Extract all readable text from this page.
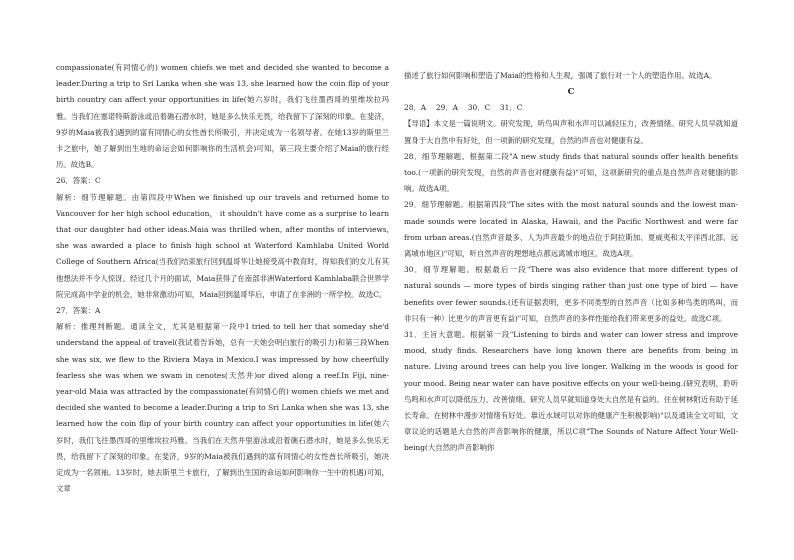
compassionate(有同情心的) women chiefs we met and decided she wanted to become a leader.During a trip to Sri Lanka when she was 13, she learned how the coin flip of your birth country can affect your opportunities in life(她六岁时，我们飞往墨西哥的里维埃拉玛雅。当我们在塞诺特斯游泳或沿着礁石潜水时，她是多么快乐无畏，给我留下了深刻的印象。在斐济，9岁的Maia被我们遇到的富有同情心的女性酋长所吸引，并决定成为一名领导者。在她13岁的斯里兰卡之旅中，她了解到出生地的命运会如何影响你的生活机会)可知，第三段主要介绍了Maia的旅行经历。故选B。

26．答案：C

解析：细节理解题。由第四段中When we finished up our travels and returned home to Vancouver for her high school education， it shouldn't have come as a surprise to learn that our daughter had other ideas.Maia was thrilled when, after months of interviews, she was awarded a place to finish high school at Waterford Kamhlaba United World College of Southern Africa(当我们结束旅行回到温哥华让她接受高中教育时，得知我们的女儿有其他想法并不令人惊讶。经过几个月的面试，Maia获得了在南部非洲Waterford Kamhlaba联合世界学院完成高中学业的机会，她非常激动)可知，Maia回到温哥华后，申请了在非洲的一所学校。故选C。

27．答案：A

解析：推理判断题。通读全文，尤其是根据第一段中I tried to tell her that someday she'd understand the appeal of travel(我试着告诉她，总有一天她会明白旅行的吸引力)和第三段When she was six, we flew to the Riviera Maya in Mexico.I was impressed by how cheerfully fearless she was when we swam in cenotes(天然井)or dived along a reef.In Fiji, nine-year-old Maia was attracted by the compassionate(有同情心的) women chiefs we met and decided she wanted to become a leader.During a trip to Sri Lanka when she was 13, she learned how the coin flip of your birth country can affect your opportunities in life(她六岁时，我们飞往墨西哥的里维埃拉玛雅。当我们在天然井里游泳或沿着礁石潜水时，她是多么快乐无畏，给我留下了深刻的印象。在斐济，9岁的Maia被我们遇到的富有同情心的女性酋长所吸引，她决定成为一名领袖。13岁时，她去斯里兰卡旅行，了解到出生国的命运如何影响你一生中的机遇)可知，文章

描述了旅行如何影响和塑造了Maia的性格和人生观，强调了旅行对一个人的塑造作用。故选A。

C

28．A　 29．A　 30．C　 31．C

【导语】本文是一篇说明文。研究发现，听鸟叫声和水声可以减轻压力，改善情绪。研究人员早就知道置身于大自然中有好处，但一项新的研究发现，自然的声音也对健康有益。

28．细节理解题。根据第二段"A new study finds that natural sounds offer health benefits too.(一项新的研究发现，自然的声音也对健康有益)"可知，这项新研究的重点是自然声音对健康的影响。故选A项。

29．细节理解题。根据第四段"The sites with the most natural sounds and the lowest man-made sounds were located in Alaska, Hawaii, and the Pacific Northwest and were far from urban areas.(自然声音最多、人为声音最少的地点位于阿拉斯加、夏威夷和太平洋西北部，远离城市地区)"可知，听自然声音的理想地点都远离城市地区。故选A项。

30．细节理解题。根据最后一段"There was also evidence that more different types of natural sounds — more types of birds singing rather than just one type of bird — have benefits over fewer sounds.(还有证据表明，更多不同类型的自然声音（比如多种鸟类的鸣叫，而非只有一种）比更少的声音更有益)"可知，自然声音的多样性能给我们带来更多的益处。故选C项。

31．主旨大意题。根据第一段"Listening to birds and water can lower stress and improve mood, study finds. Researchers have long known there are benefits from being in nature. Living around trees can help you live longer. Walking in the woods is good for your mood. Being near water can have positive effects on your well-being.(研究表明，聆听鸟鸣和水声可以降低压力、改善情绪。研究人员早就知道身处大自然是有益的。住在树林附近有助于延长寿命。在树林中漫步对情绪有好处。靠近水域可以对你的健康产生积极影响)"以及通读全文可知，文章议论的话题是大自然的声音影响你的健康，所以C项"The Sounds of Nature Affect Your Well-being(大自然的声音影响你
